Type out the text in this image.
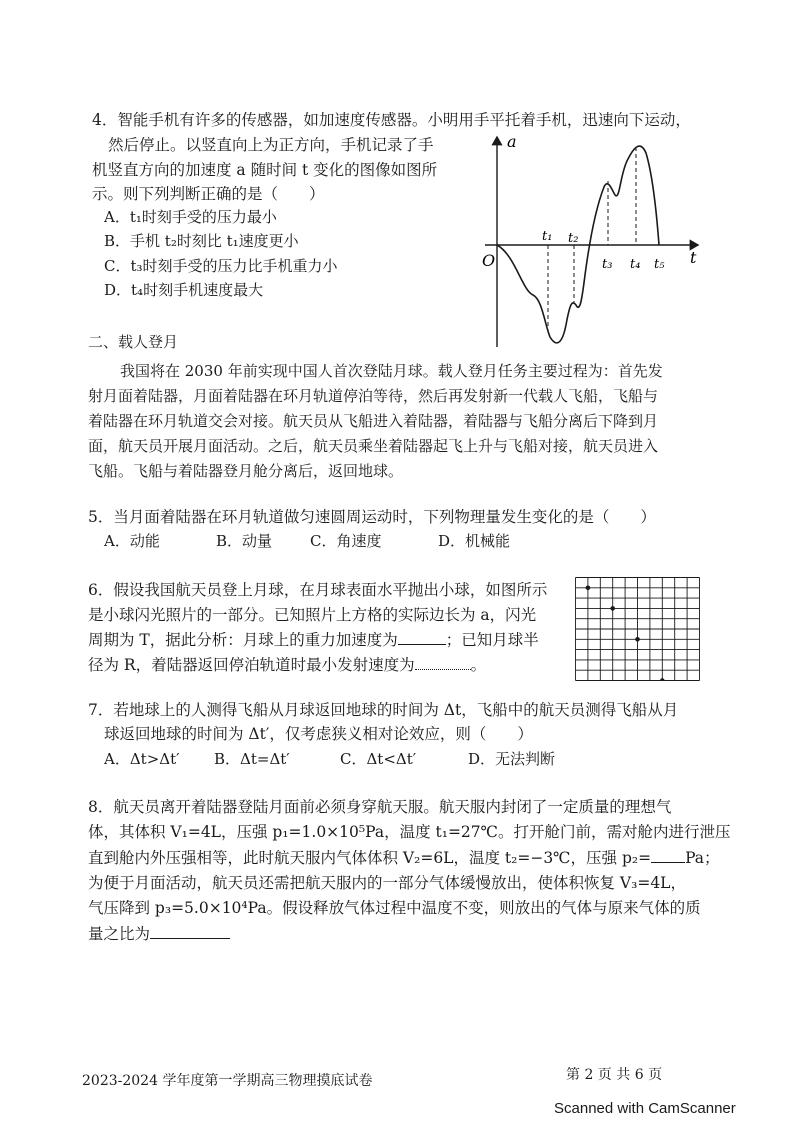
4．智能手机有许多的传感器，如加速度传感器。小明用手平托着手机，迅速向下运动，
然后停止。以竖直向上为正方向，手机记录了手
机竖直方向的加速度 a 随时间 t 变化的图像如图所
示。则下列判断正确的是（　　）
A．t₁时刻手受的压力最小
B．手机 t₂时刻比 t₁速度更小
C．t₃时刻手受的压力比手机重力小
D．t₄时刻手机速度最大
a
t
O
t₁ t₂
t₃ t₄ t₅
二、载人登月
我国将在 2030 年前实现中国人首次登陆月球。载人登月任务主要过程为：首先发
射月面着陆器，月面着陆器在环月轨道停泊等待，然后再发射新一代载人飞船，飞船与
着陆器在环月轨道交会对接。航天员从飞船进入着陆器，着陆器与飞船分离后下降到月
面，航天员开展月面活动。之后，航天员乘坐着陆器起飞上升与飞船对接，航天员进入
飞船。飞船与着陆器登月舱分离后，返回地球。
5．当月面着陆器在环月轨道做匀速圆周运动时，下列物理量发生变化的是（　　）
A．动能	B．动量	C．角速度	D．机械能
6．假设我国航天员登上月球，在月球表面水平抛出小球，如图所示
是小球闪光照片的一部分。已知照片上方格的实际边长为 a，闪光
周期为 T，据此分析：月球上的重力加速度为	；已知月球半
径为 R，着陆器返回停泊轨道时最小发射速度为	。
7．若地球上的人测得飞船从月球返回地球的时间为 Δt，飞船中的航天员测得飞船从月
球返回地球的时间为 Δt′，仅考虑狭义相对论效应，则（　　）
A．Δt>Δt′ B．Δt=Δt′	C．Δt<Δt′	D．无法判断
8．航天员离开着陆器登陆月面前必须身穿航天服。航天服内封闭了一定质量的理想气
体，其体积 V₁=4L，压强 p₁=1.0×10⁵Pa，温度 t₁=27℃。打开舱门前，需对舱内进行泄压
直到舱内外压强相等，此时航天服内气体体积 V₂=6L，温度 t₂=−3℃，压强 p₂= Pa；
为便于月面活动，航天员还需把航天服内的一部分气体缓慢放出，使体积恢复 V₃=4L，
气压降到 p₃=5.0×10⁴Pa。假设释放气体过程中温度不变，则放出的气体与原来气体的质
量之比为
2023-2024 学年度第一学期高三物理摸底试卷	第 2 页 共 6 页
Scanned with CamScanner
